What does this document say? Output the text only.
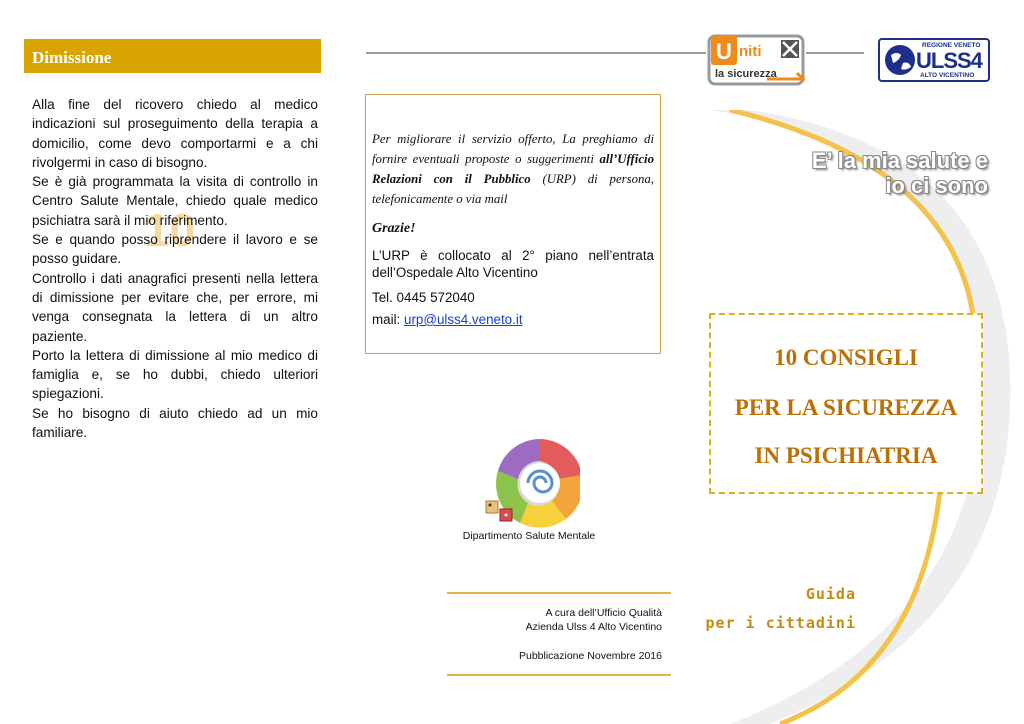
Dimissione
10

Alla fine del ricovero chiedo al medico indicazioni sul proseguimento della terapia a domicilio, come devo comportarmi e a chi rivolgermi in caso di bisogno.

Se è già programmata la visita di controllo in Centro Salute Mentale, chiedo quale medico psichiatra sarà il mio riferimento.

Se e quando posso riprendere il lavoro e se posso guidare.

Controllo i dati anagrafici presenti nella lettera di dimissione per evitare che, per errore, mi venga consegnata la lettera di un altro paziente.

Porto la lettera di dimissione al mio medico di famiglia e, se ho dubbi, chiedo ulteriori spiegazioni.

Se ho bisogno di aiuto chiedo ad un mio familiare.

Per migliorare il servizio offerto, La preghiamo di fornire eventuali proposte o suggerimenti all’Ufficio Relazioni con il Pubblico (URP) di persona, telefonicamente o via mail
Grazie!
L’URP è collocato al 2° piano nell’entrata dell’Ospedale Alto Vicentino
Tel. 0445 572040
mail: urp@ulss4.veneto.it
Dipartimento Salute Mentale
A cura dell’Ufficio Qualità
Azienda Ulss 4 Alto Vicentino
Pubblicazione Novembre 2016
U niti
la sicurezza
REGIONE VENETO
ULSS4
ALTO VICENTINO
E’ la mia salute e
io ci sono
10 CONSIGLI
PER LA SICUREZZA
IN PSICHIATRIA
Guida
per i cittadini
